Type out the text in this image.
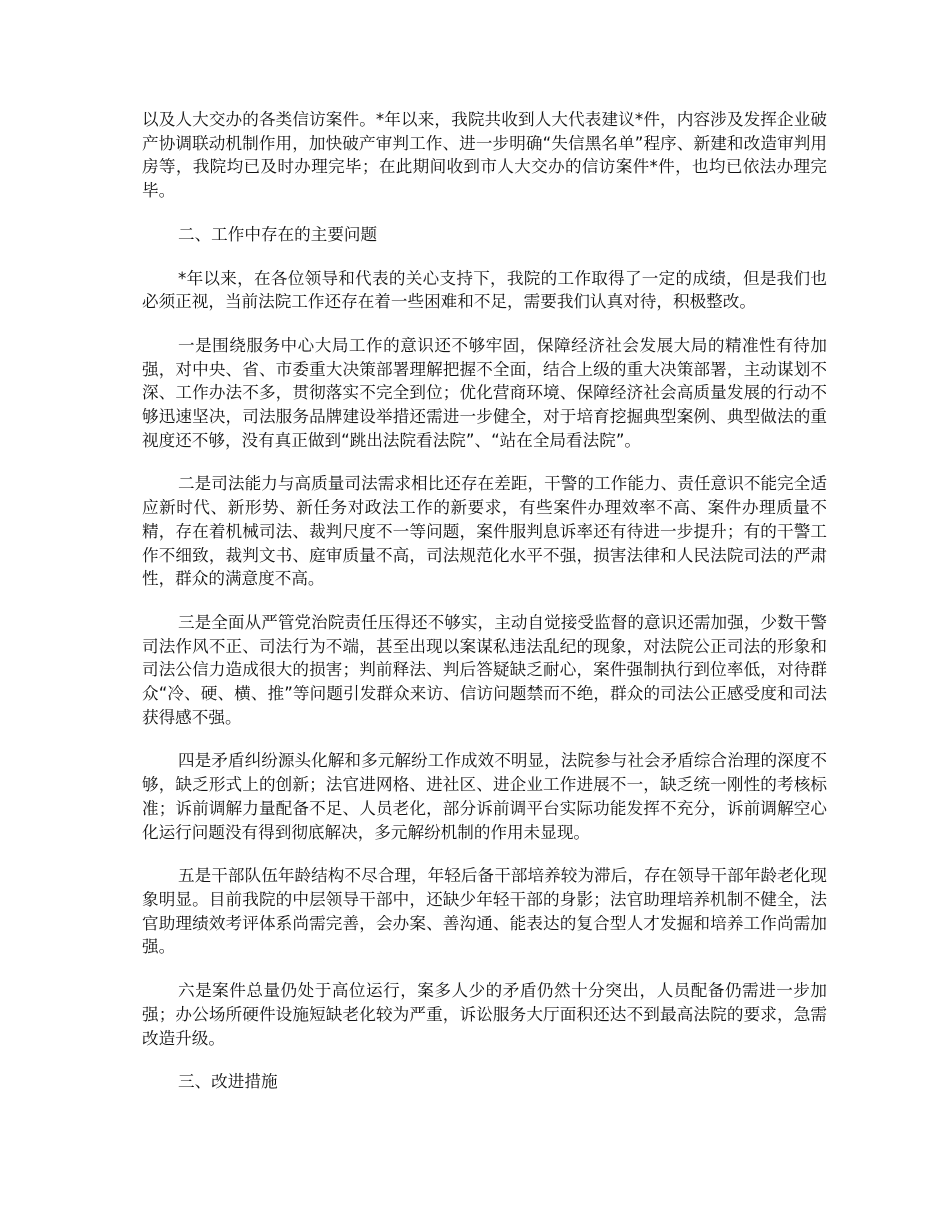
以及人大交办的各类信访案件。*年以来，我院共收到人大代表建议*件，内容涉及发挥企业破产协调联动机制作用，加快破产审判工作、进一步明确“失信黑名单”程序、新建和改造审判用房等，我院均已及时办理完毕；在此期间收到市人大交办的信访案件*件，也均已依法办理完毕。

二、工作中存在的主要问题

*年以来，在各位领导和代表的关心支持下，我院的工作取得了一定的成绩，但是我们也必须正视，当前法院工作还存在着一些困难和不足，需要我们认真对待，积极整改。

一是围绕服务中心大局工作的意识还不够牢固，保障经济社会发展大局的精准性有待加强，对中央、省、市委重大决策部署理解把握不全面，结合上级的重大决策部署，主动谋划不深、工作办法不多，贯彻落实不完全到位；优化营商环境、保障经济社会高质量发展的行动不够迅速坚决，司法服务品牌建设举措还需进一步健全，对于培育挖掘典型案例、典型做法的重视度还不够，没有真正做到“跳出法院看法院”、“站在全局看法院”。

二是司法能力与高质量司法需求相比还存在差距，干警的工作能力、责任意识不能完全适应新时代、新形势、新任务对政法工作的新要求，有些案件办理效率不高、案件办理质量不精，存在着机械司法、裁判尺度不一等问题，案件服判息诉率还有待进一步提升；有的干警工作不细致，裁判文书、庭审质量不高，司法规范化水平不强，损害法律和人民法院司法的严肃性，群众的满意度不高。

三是全面从严管党治院责任压得还不够实，主动自觉接受监督的意识还需加强，少数干警司法作风不正、司法行为不端，甚至出现以案谋私违法乱纪的现象，对法院公正司法的形象和司法公信力造成很大的损害；判前释法、判后答疑缺乏耐心，案件强制执行到位率低，对待群众“冷、硬、横、推”等问题引发群众来访、信访问题禁而不绝，群众的司法公正感受度和司法获得感不强。

四是矛盾纠纷源头化解和多元解纷工作成效不明显，法院参与社会矛盾综合治理的深度不够，缺乏形式上的创新；法官进网格、进社区、进企业工作进展不一，缺乏统一刚性的考核标准；诉前调解力量配备不足、人员老化，部分诉前调平台实际功能发挥不充分，诉前调解空心化运行问题没有得到彻底解决，多元解纷机制的作用未显现。

五是干部队伍年龄结构不尽合理，年轻后备干部培养较为滞后，存在领导干部年龄老化现象明显。目前我院的中层领导干部中，还缺少年轻干部的身影；法官助理培养机制不健全，法官助理绩效考评体系尚需完善，会办案、善沟通、能表达的复合型人才发掘和培养工作尚需加强。

六是案件总量仍处于高位运行，案多人少的矛盾仍然十分突出，人员配备仍需进一步加强；办公场所硬件设施短缺老化较为严重，诉讼服务大厅面积还达不到最高法院的要求，急需改造升级。

三、改进措施
